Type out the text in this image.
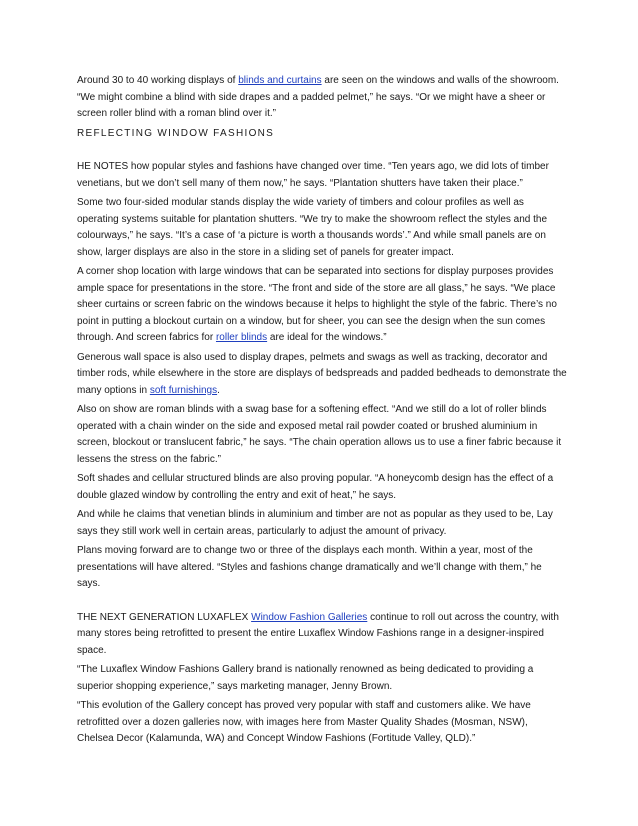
Around 30 to 40 working displays of blinds and curtains are seen on the windows and walls of the showroom. “We might combine a blind with side drapes and a padded pelmet,” he says. “Or we might have a sheer or screen roller blind with a roman blind over it.”

REFLECTING WINDOW FASHIONS

HE NOTES how popular styles and fashions have changed over time. “Ten years ago, we did lots of timber venetians, but we don’t sell many of them now,” he says. “Plantation shutters have taken their place.”

Some two four-sided modular stands display the wide variety of timbers and colour profiles as well as operating systems suitable for plantation shutters. “We try to make the showroom reflect the styles and the colourways,” he says. “It’s a case of ‘a picture is worth a thousands words’.” And while small panels are on show, larger displays are also in the store in a sliding set of panels for greater impact.

A corner shop location with large windows that can be separated into sections for display purposes provides ample space for presentations in the store. “The front and side of the store are all glass,” he says. “We place sheer curtains or screen fabric on the windows because it helps to highlight the style of the fabric. There’s no point in putting a blockout curtain on a window, but for sheer, you can see the design when the sun comes through. And screen fabrics for roller blinds are ideal for the windows.”

Generous wall space is also used to display drapes, pelmets and swags as well as tracking, decorator and timber rods, while elsewhere in the store are displays of bedspreads and padded bedheads to demonstrate the many options in soft furnishings.

Also on show are roman blinds with a swag base for a softening effect. “And we still do a lot of roller blinds operated with a chain winder on the side and exposed metal rail powder coated or brushed aluminium in screen, blockout or translucent fabric,” he says. “The chain operation allows us to use a finer fabric because it lessens the stress on the fabric.”

Soft shades and cellular structured blinds are also proving popular. “A honeycomb design has the effect of a double glazed window by controlling the entry and exit of heat,” he says.

And while he claims that venetian blinds in aluminium and timber are not as popular as they used to be, Lay says they still work well in certain areas, particularly to adjust the amount of privacy.

Plans moving forward are to change two or three of the displays each month. Within a year, most of the presentations will have altered. “Styles and fashions change dramatically and we’ll change with them,” he says.

THE NEXT GENERATION LUXAFLEX Window Fashion Galleries continue to roll out across the country, with many stores being retrofitted to present the entire Luxaflex Window Fashions range in a designer-inspired space.

“The Luxaflex Window Fashions Gallery brand is nationally renowned as being dedicated to providing a superior shopping experience,” says marketing manager, Jenny Brown.

“This evolution of the Gallery concept has proved very popular with staff and customers alike. We have retrofitted over a dozen galleries now, with images here from Master Quality Shades (Mosman, NSW), Chelsea Decor (Kalamunda, WA) and Concept Window Fashions (Fortitude Valley, QLD).”
